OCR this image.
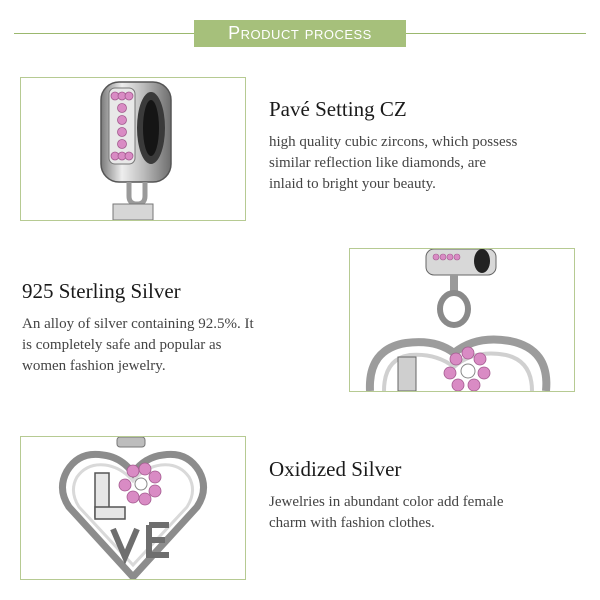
Product process
Pavé Setting CZ

high quality cubic zircons, which possess
similar reflection like diamonds, are
inlaid to bright your beauty.

925 Sterling Silver

An alloy of silver containing 92.5%. It
is completely safe and popular as
women fashion jewelry.

Oxidized Silver

Jewelries in abundant color add female
charm with fashion clothes.
